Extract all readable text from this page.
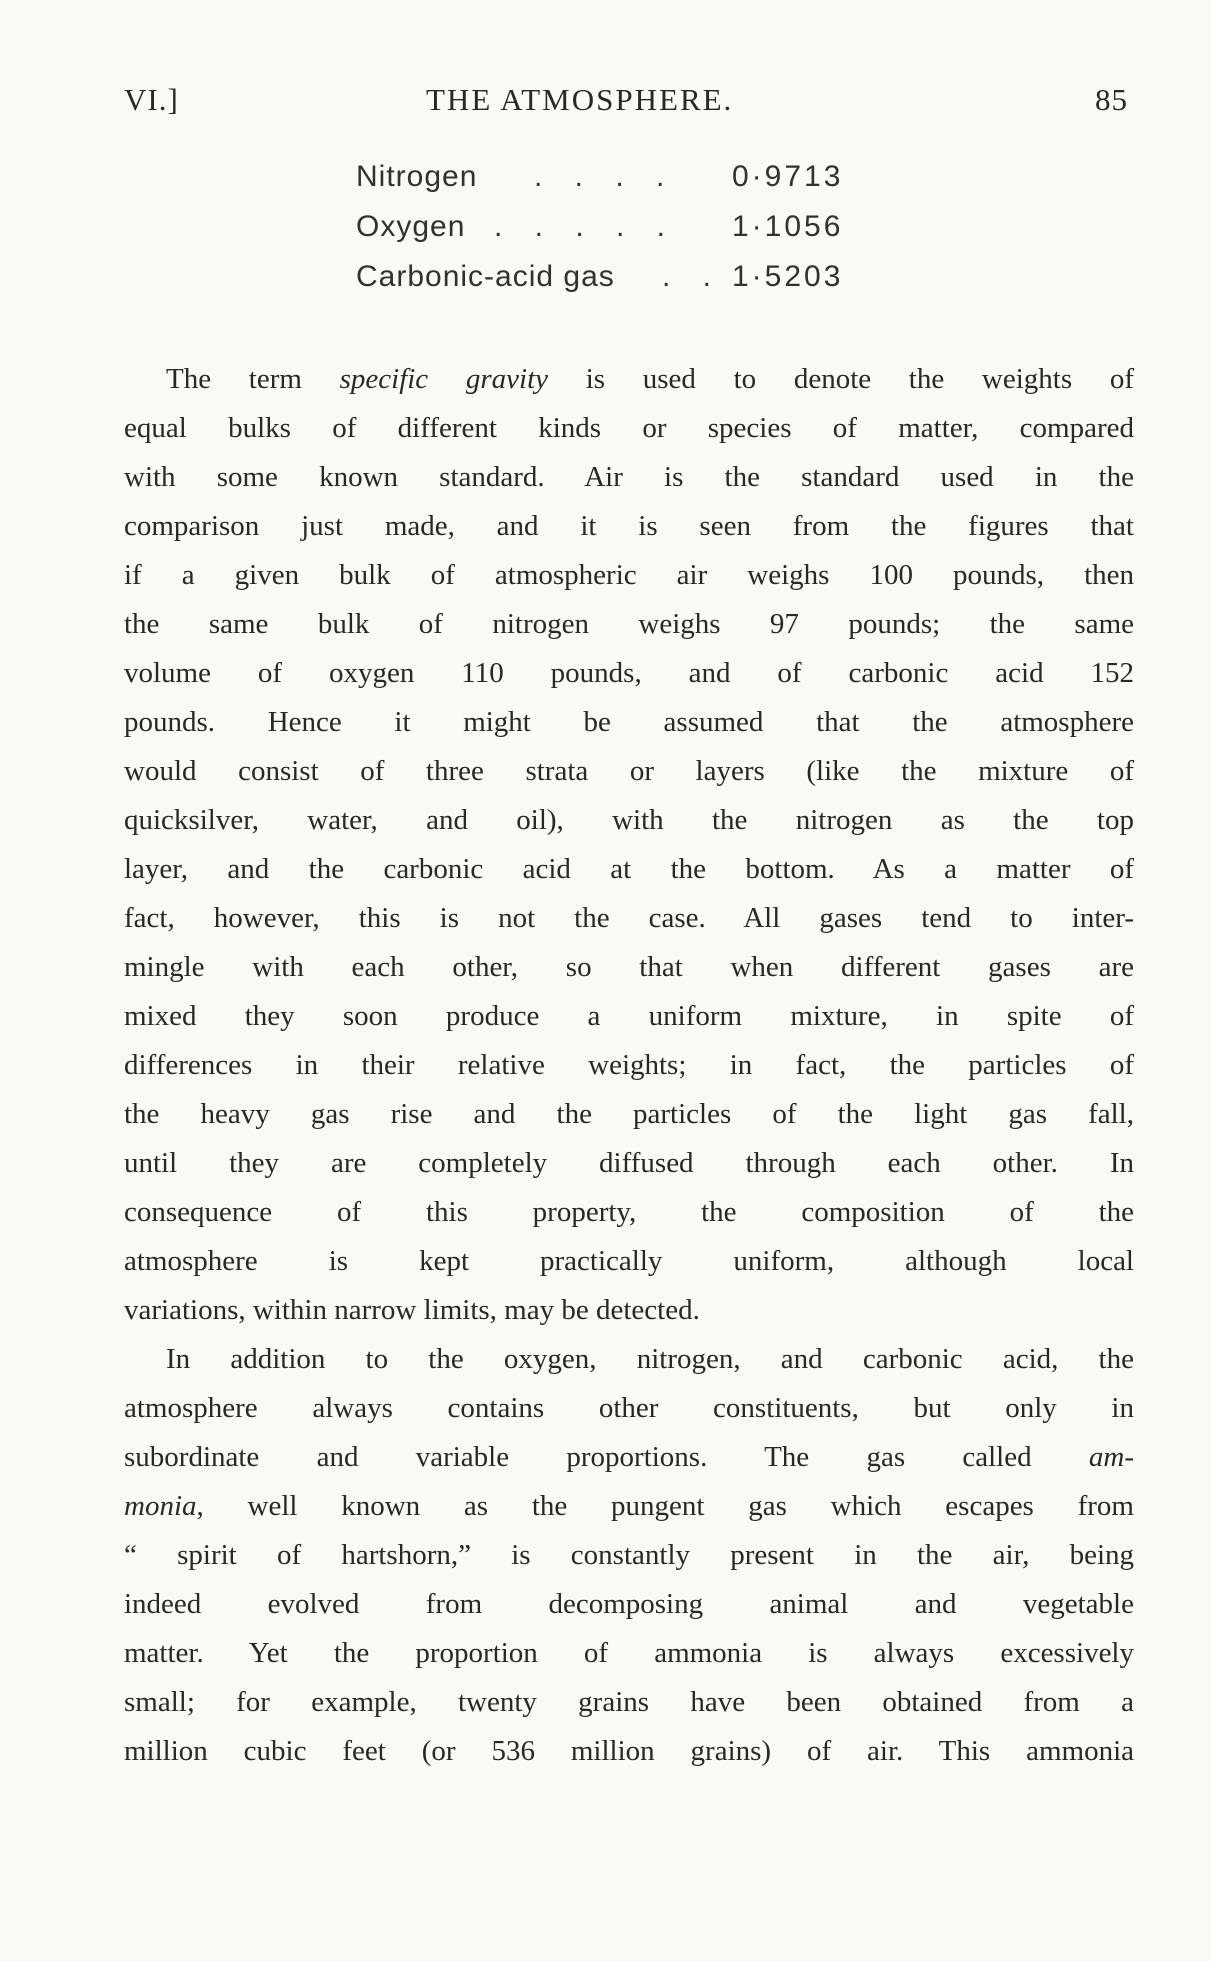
VI.]	THE ATMOSPHERE.	85
Nitrogen . . . . 0·9713
Oxygen . . . . . 1·1056
Carbonic-acid gas . . 1·5203
The term specific gravity is used to denote the weights of
equal bulks of different kinds or species of matter, compared
with some known standard. Air is the standard used in the
comparison just made, and it is seen from the figures that
if a given bulk of atmospheric air weighs 100 pounds, then
the same bulk of nitrogen weighs 97 pounds; the same
volume of oxygen 110 pounds, and of carbonic acid 152
pounds. Hence it might be assumed that the atmosphere
would consist of three strata or layers (like the mixture of
quicksilver, water, and oil), with the nitrogen as the top
layer, and the carbonic acid at the bottom. As a matter of
fact, however, this is not the case. All gases tend to inter-
mingle with each other, so that when different gases are
mixed they soon produce a uniform mixture, in spite of
differences in their relative weights; in fact, the particles of
the heavy gas rise and the particles of the light gas fall,
until they are completely diffused through each other. In
consequence of this property, the composition of the
atmosphere is kept practically uniform, although local
variations, within narrow limits, may be detected.
In addition to the oxygen, nitrogen, and carbonic acid, the
atmosphere always contains other constituents, but only in
subordinate and variable proportions. The gas called am-
monia, well known as the pungent gas which escapes from
“ spirit of hartshorn,” is constantly present in the air, being
indeed evolved from decomposing animal and vegetable
matter. Yet the proportion of ammonia is always excessively
small; for example, twenty grains have been obtained from a
million cubic feet (or 536 million grains) of air. This ammonia
